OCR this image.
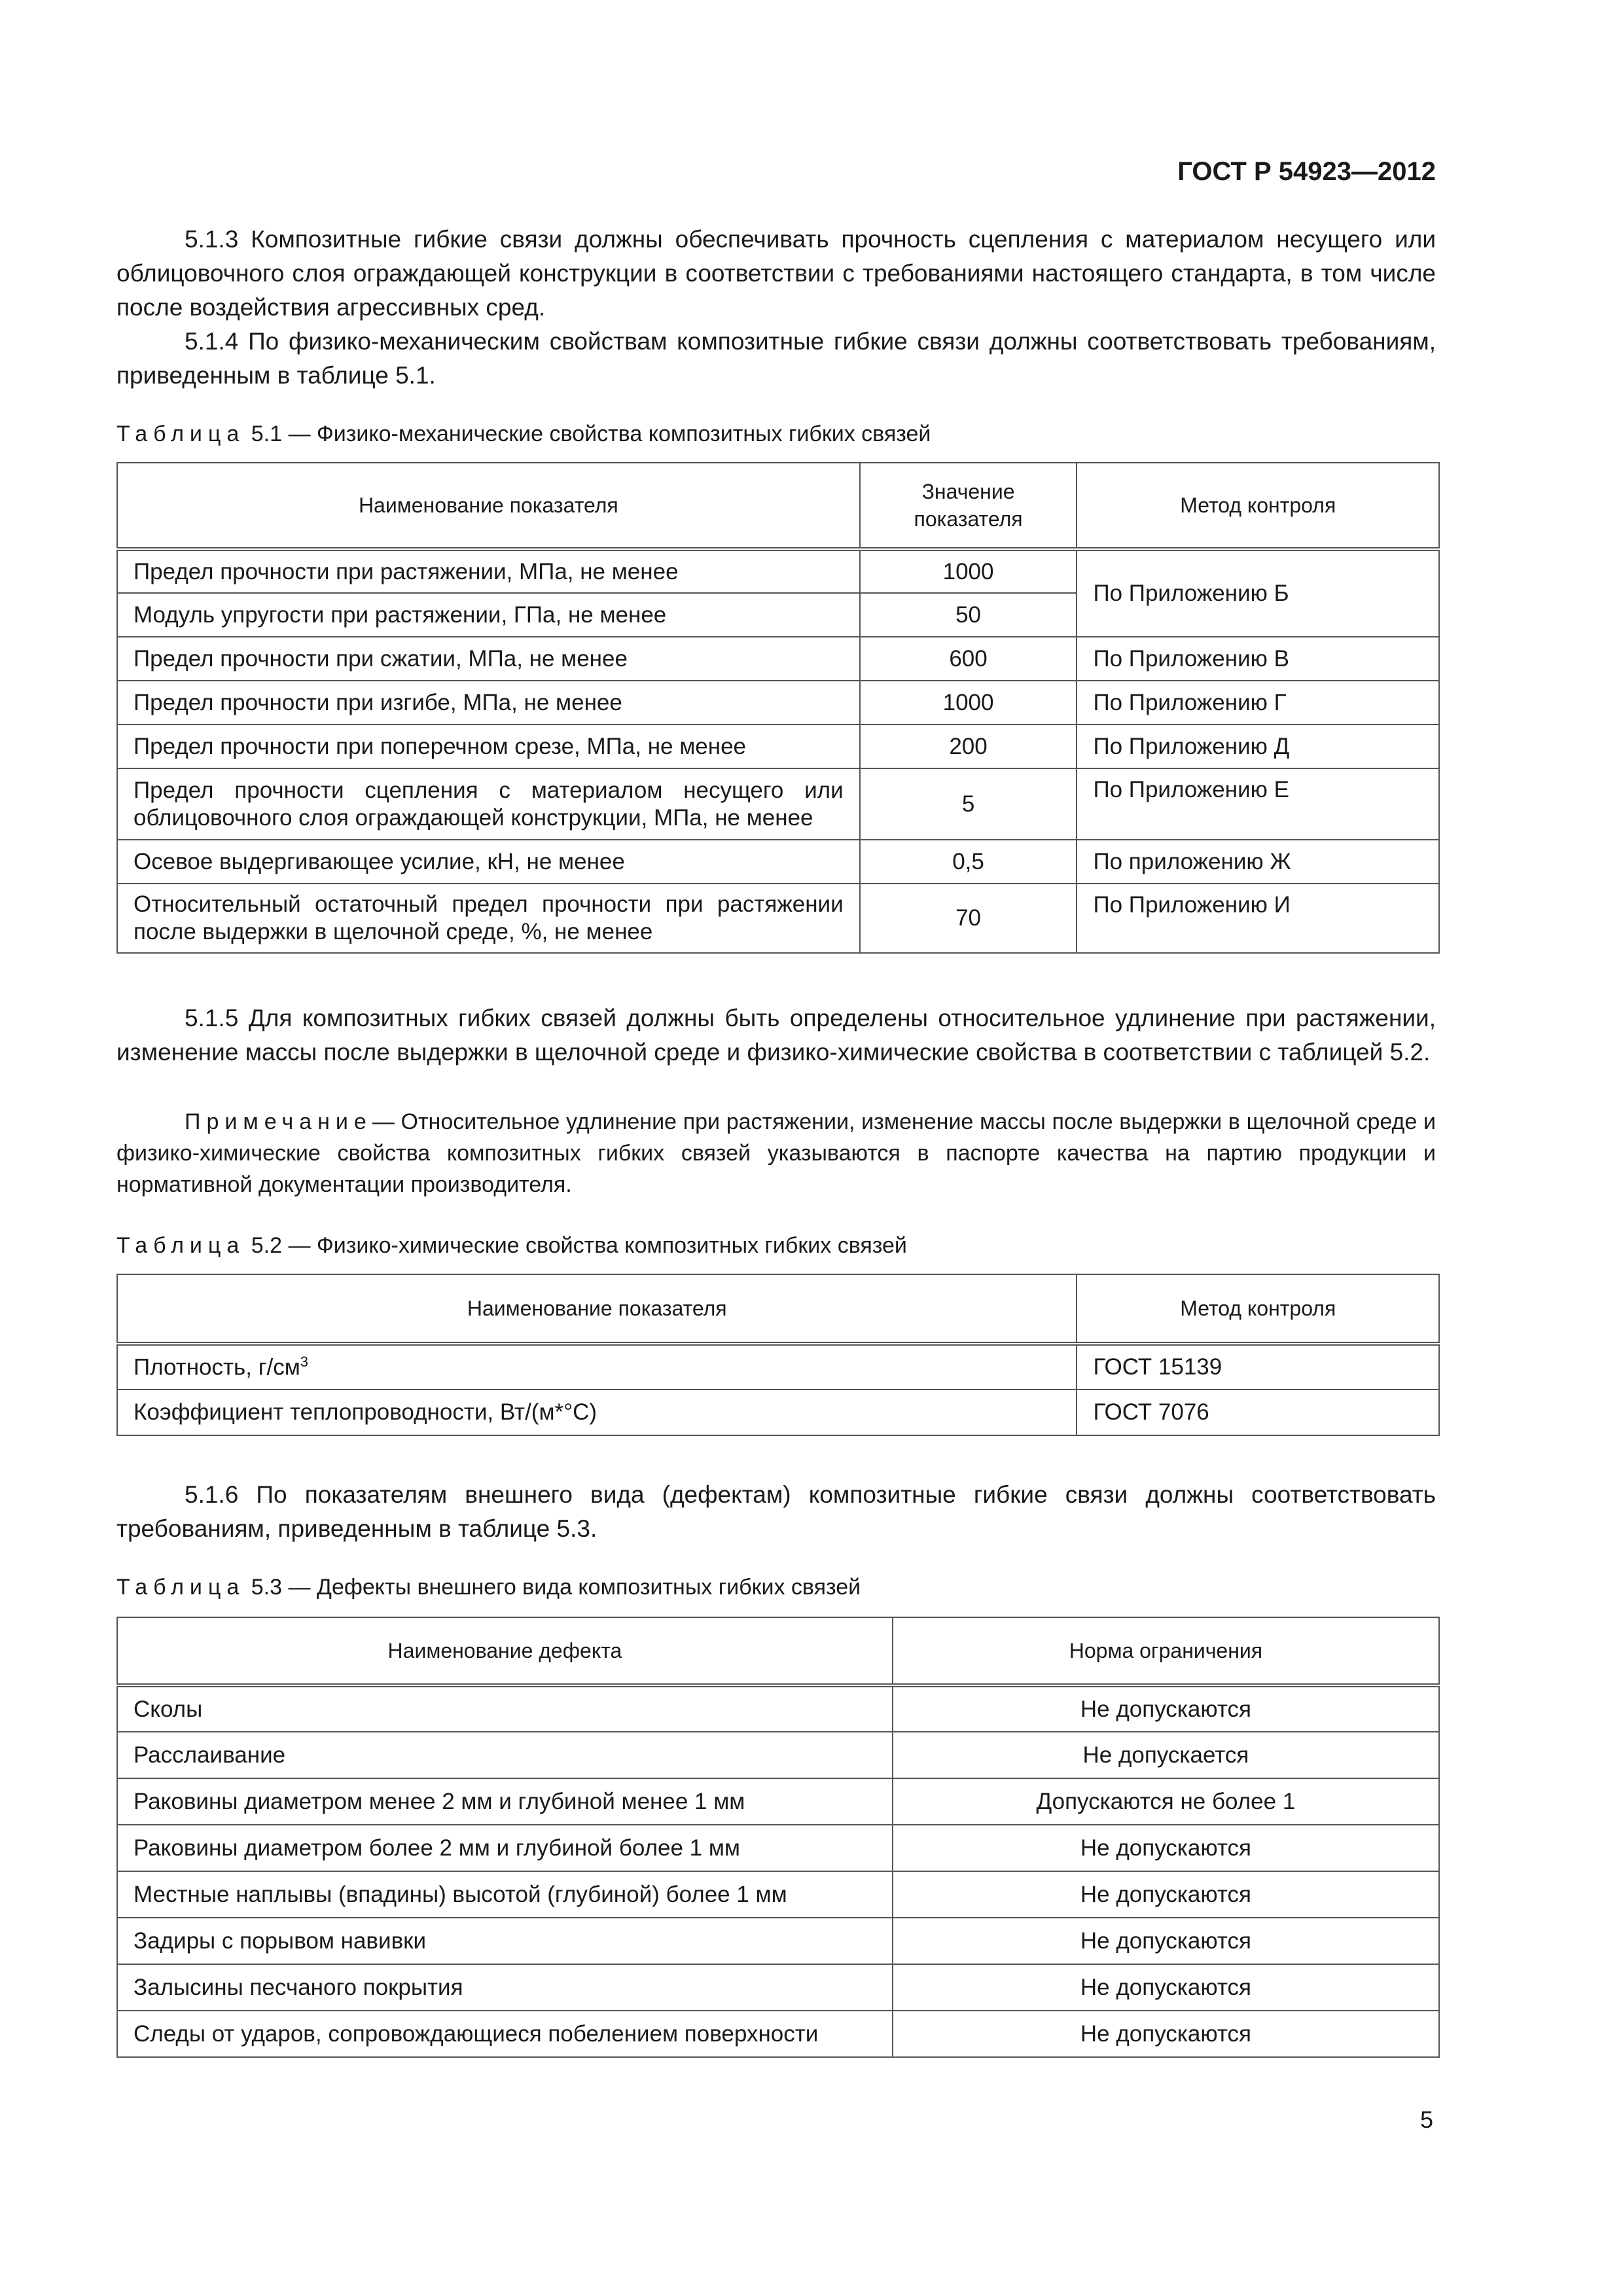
ГОСТ Р 54923—2012

5.1.3 Композитные гибкие связи должны обеспечивать прочность сцепления с материалом несущего или облицовочного слоя ограждающей конструкции в соответствии с требованиями настоящего стандарта, в том числе после воздействия агрессивных сред.

5.1.4 По физико-механическим свойствам композитные гибкие связи должны соответствовать требованиям, приведенным в таблице 5.1.

Таблица 5.1 — Физико-механические свойства композитных гибких связей
Наименование показателя	Значение показателя	Метод контроля
Предел прочности при растяжении, МПа, не менее	1000	По Приложению Б
Модуль упругости при растяжении, ГПа, не менее	50	
Предел прочности при сжатии, МПа, не менее	600	По Приложению В
Предел прочности при изгибе, МПа, не менее	1000	По Приложению Г
Предел прочности при поперечном срезе, МПа, не менее	200	По Приложению Д
Предел прочности сцепления с материалом несущего или облицовочного слоя ограждающей конструкции, МПа, не менее	5	По Приложению Е
Осевое выдергивающее усилие, кН, не менее	0,5	По приложению Ж
Относительный остаточный предел прочности при растяжении после выдержки в щелочной среде, %, не менее	70	По Приложению И

5.1.5 Для композитных гибких связей должны быть определены относительное удлинение при растяжении, изменение массы после выдержки в щелочной среде и физико-химические свойства в соответствии с таблицей 5.2.

Примечание— Относительное удлинение при растяжении, изменение массы после выдержки в щелочной среде и физико-химические свойства композитных гибких связей указываются в паспорте качества на партию продукции и нормативной документации производителя.

Таблица 5.2 — Физико-химические свойства композитных гибких связей
Наименование показателя	Метод контроля
Плотность, $г/см^3$	ГОСТ 15139
Коэффициент теплопроводности, Вт/(м*°С)	ГОСТ 7076

5.1.6 По показателям внешнего вида (дефектам) композитные гибкие связи должны соответствовать требованиям, приведенным в таблице 5.3.

Таблица 5.3 — Дефекты внешнего вида композитных гибких связей
Наименование дефекта	Норма ограничения
Сколы	Не допускаются
Расслаивание	Не допускается
Раковины диаметром менее 2 мм и глубиной менее 1 мм	Допускаются не более 1
Раковины диаметром более 2 мм и глубиной более 1 мм	Не допускаются
Местные наплывы (впадины) высотой (глубиной) более 1 мм	Не допускаются
Задиры с порывом навивки	Не допускаются
Залысины песчаного покрытия	Не допускаются
Следы от ударов, сопровождающиеся побелением поверхности	Не допускаются
5
